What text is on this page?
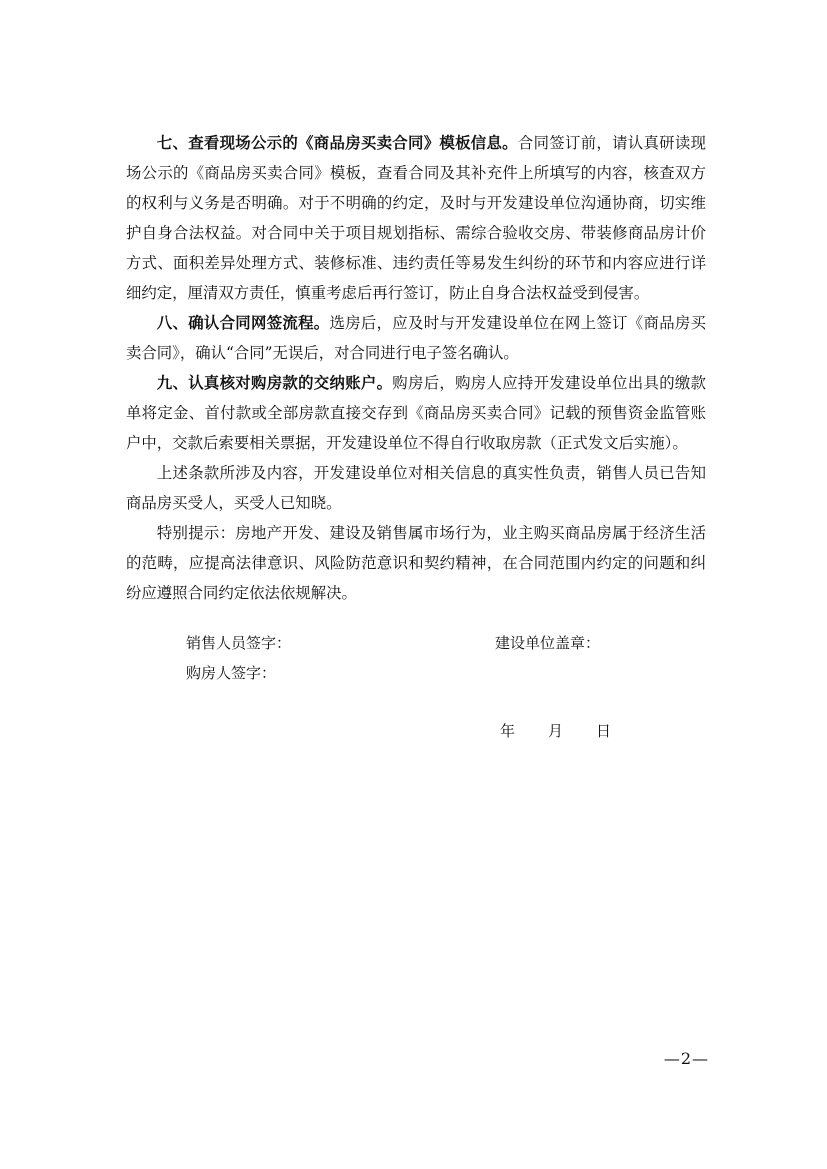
七、查看现场公示的《商品房买卖合同》模板信息。合同签订前，请认真研读现场公示的《商品房买卖合同》模板，查看合同及其补充件上所填写的内容，核查双方的权利与义务是否明确。对于不明确的约定，及时与开发建设单位沟通协商，切实维护自身合法权益。对合同中关于项目规划指标、需综合验收交房、带装修商品房计价方式、面积差异处理方式、装修标准、违约责任等易发生纠纷的环节和内容应进行详细约定，厘清双方责任，慎重考虑后再行签订，防止自身合法权益受到侵害。

八、确认合同网签流程。选房后，应及时与开发建设单位在网上签订《商品房买卖合同》，确认“合同”无误后，对合同进行电子签名确认。

九、认真核对购房款的交纳账户。购房后，购房人应持开发建设单位出具的缴款单将定金、首付款或全部房款直接交存到《商品房买卖合同》记载的预售资金监管账户中，交款后索要相关票据，开发建设单位不得自行收取房款（正式发文后实施）。

上述条款所涉及内容，开发建设单位对相关信息的真实性负责，销售人员已告知商品房买受人，买受人已知晓。

特别提示：房地产开发、建设及销售属市场行为，业主购买商品房属于经济生活的范畴，应提高法律意识、风险防范意识和契约精神，在合同范围内约定的问题和纠纷应遵照合同约定依法依规解决。

销售人员签字：	建设单位盖章：
购房人签字：
年 月 日
—2—
